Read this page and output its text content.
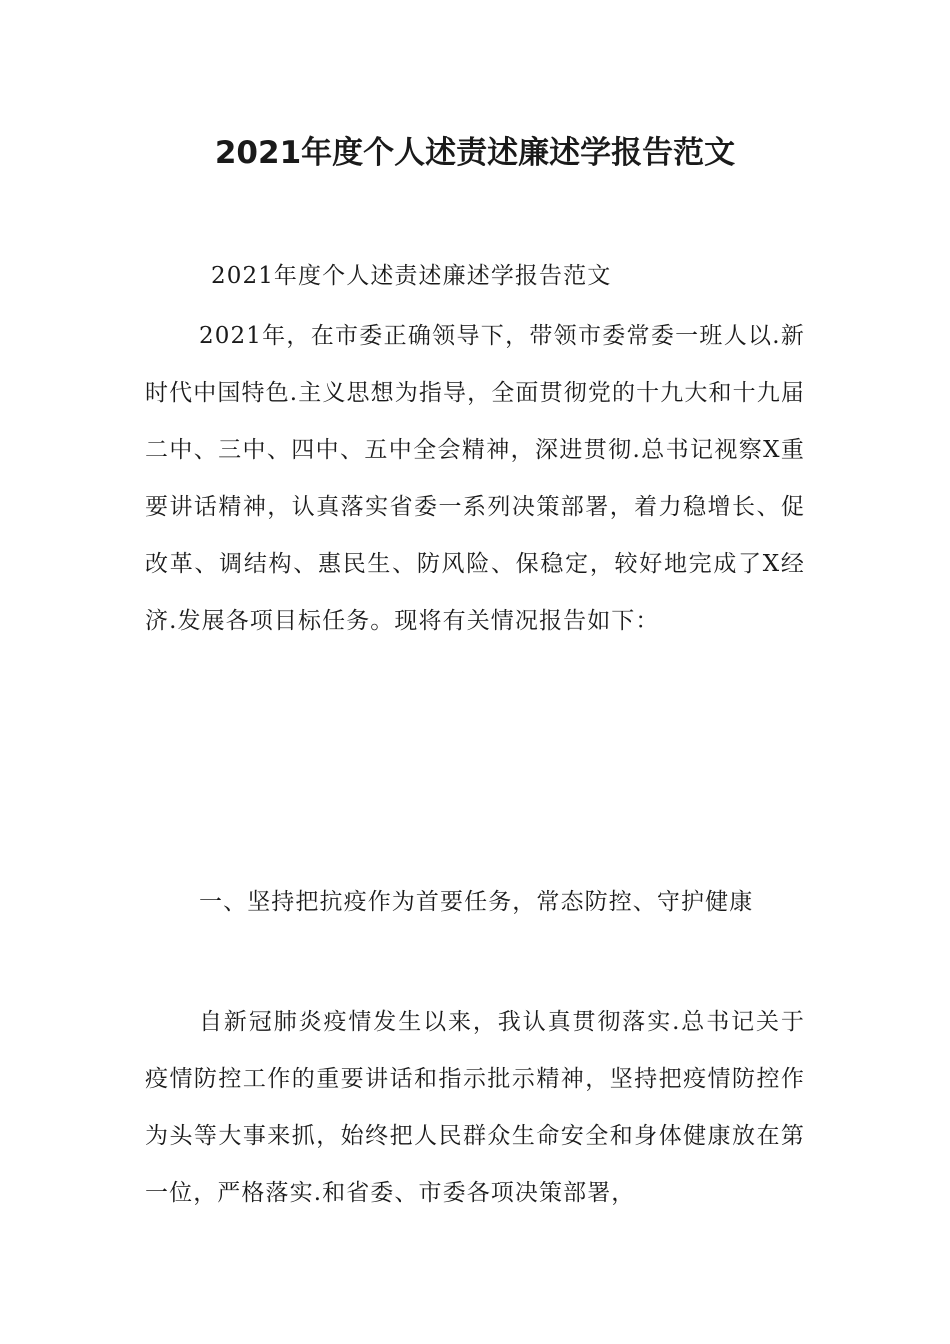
2021年度个人述责述廉述学报告范文

2021年度个人述责述廉述学报告范文

2021年，在市委正确领导下，带领市委常委一班人以.新时代中国特色.主义思想为指导，全面贯彻党的十九大和十九届二中、三中、四中、五中全会精神，深进贯彻.总书记视察X重要讲话精神，认真落实省委一系列决策部署，着力稳增长、促改革、调结构、惠民生、防风险、保稳定，较好地完成了X经济.发展各项目标任务。现将有关情况报告如下：

一、坚持把抗疫作为首要任务，常态防控、守护健康

自新冠肺炎疫情发生以来，我认真贯彻落实.总书记关于疫情防控工作的重要讲话和指示批示精神，坚持把疫情防控作为头等大事来抓，始终把人民群众生命安全和身体健康放在第一位，严格落实.和省委、市委各项决策部署，
